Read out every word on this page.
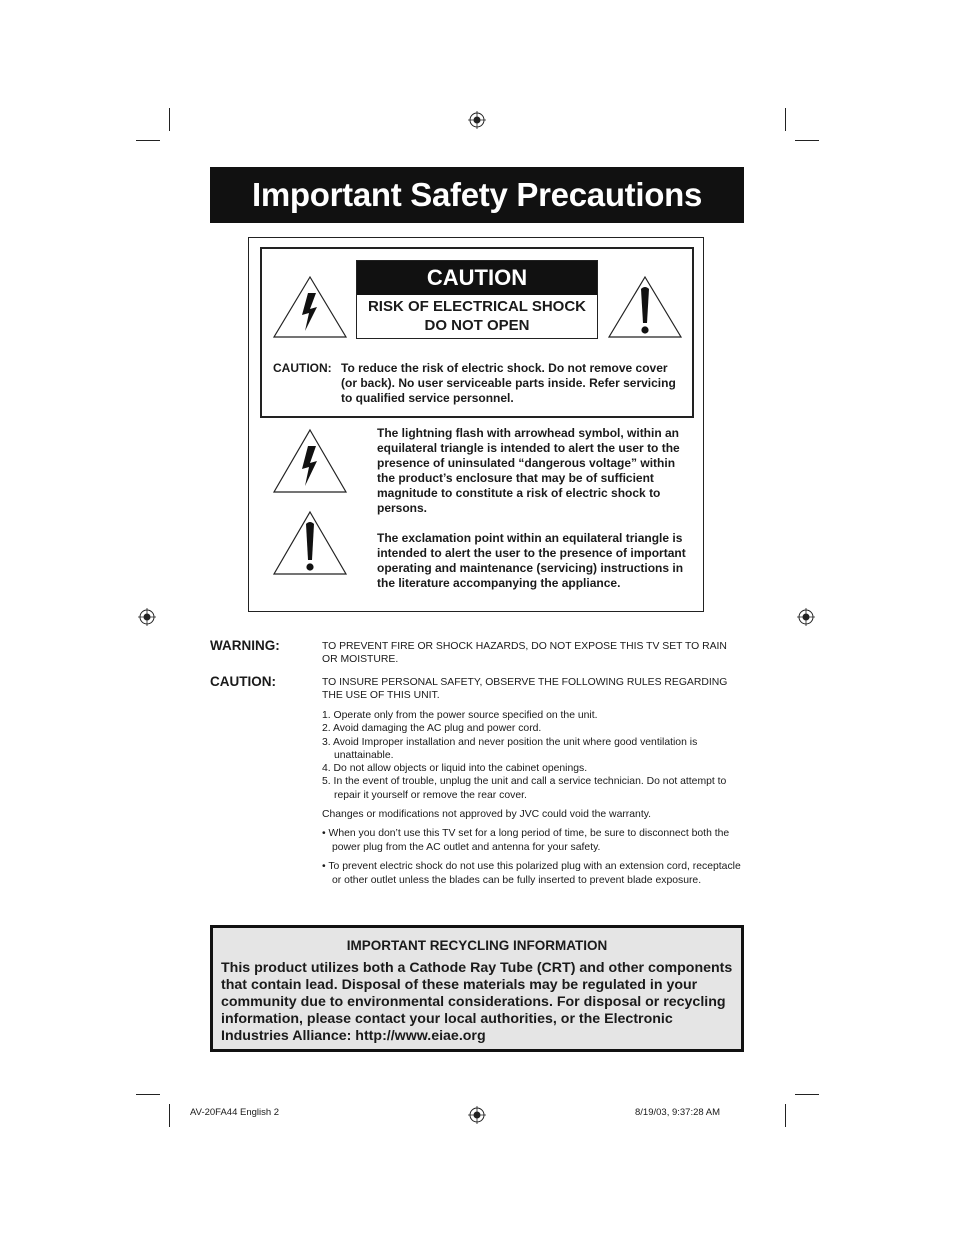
Important Safety Precautions
CAUTION
RISK OF ELECTRICAL SHOCK
DO NOT OPEN
CAUTION: To reduce the risk of electric shock. Do not remove cover (or back). No user serviceable parts inside. Refer servicing to qualified service personnel.
The lightning flash with arrowhead symbol, within an equilateral triangle is intended to alert the user to the presence of uninsulated “dangerous voltage” within the product’s enclosure that may be of sufficient magnitude to constitute a risk of electric shock to persons.
The exclamation point within an equilateral triangle is intended to alert the user to the presence of important operating and maintenance (servicing) instructions in the literature accompanying the appliance.
WARNING:	TO PREVENT FIRE OR SHOCK HAZARDS, DO NOT EXPOSE THIS TV SET TO RAIN OR MOISTURE.
CAUTION:	TO INSURE PERSONAL SAFETY, OBSERVE THE FOLLOWING RULES REGARDING THE USE OF THIS UNIT.
1. Operate only from the power source specified on the unit.
2. Avoid damaging the AC plug and power cord.
3. Avoid Improper installation and never position the unit where good ventilation is unattainable.
4. Do not allow objects or liquid into the cabinet openings.
5. In the event of trouble, unplug the unit and call a service technician. Do not attempt to repair it yourself or remove the rear cover.
Changes or modifications not approved by JVC could void the warranty.
• When you don’t use this TV set for a long period of time, be sure to disconnect both the power plug from the AC outlet and antenna for your safety.
• To prevent electric shock do not use this polarized plug with an extension cord, receptacle or other outlet unless the blades can be fully inserted to prevent blade exposure.
IMPORTANT RECYCLING INFORMATION
This product utilizes both a Cathode Ray Tube (CRT) and other components that contain lead. Disposal of these materials may be regulated in your community due to environmental considerations. For disposal or recycling information, please contact your local authorities, or the Electronic Industries Alliance: http://www.eiae.org
AV-20FA44 English 2	8/19/03, 9:37:28 AM
